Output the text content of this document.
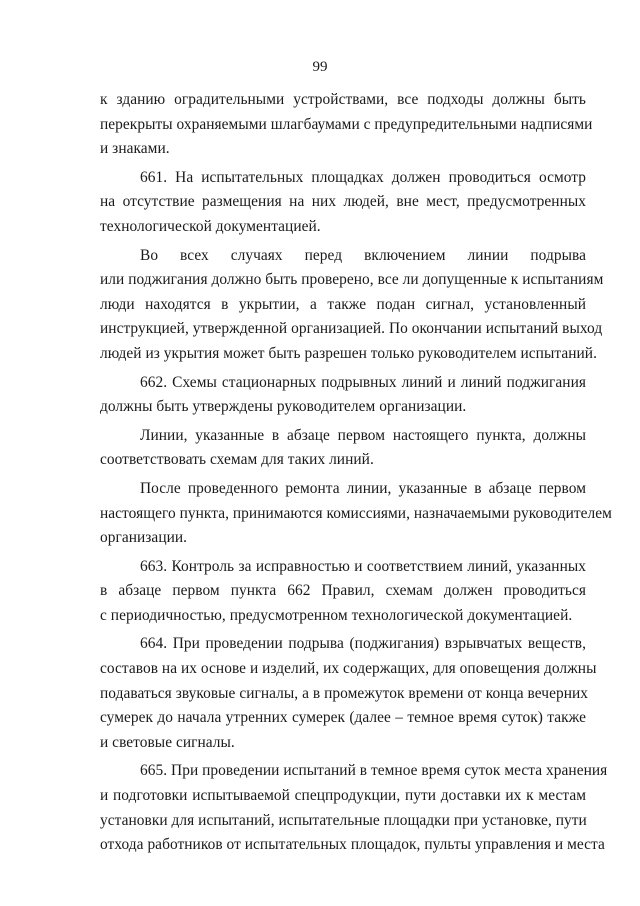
99
к зданию оградительными устройствами, все подходы должны быть
перекрыты охраняемыми шлагбаумами с предупредительными надписями
и знаками.
661. На испытательных площадках должен проводиться осмотр
на отсутствие размещения на них людей, вне мест, предусмотренных
технологической документацией.
Во всех случаях перед включением линии подрыва
или поджигания должно быть проверено, все ли допущенные к испытаниям
люди находятся в укрытии, а также подан сигнал, установленный
инструкцией, утвержденной организацией. По окончании испытаний выход
людей из укрытия может быть разрешен только руководителем испытаний.
662. Схемы стационарных подрывных линий и линий поджигания
должны быть утверждены руководителем организации.
Линии, указанные в абзаце первом настоящего пункта, должны
соответствовать схемам для таких линий.
После проведенного ремонта линии, указанные в абзаце первом
настоящего пункта, принимаются комиссиями, назначаемыми руководителем
организации.
663. Контроль за исправностью и соответствием линий, указанных
в абзаце первом пункта 662 Правил, схемам должен проводиться
с периодичностью, предусмотренном технологической документацией.
664. При проведении подрыва (поджигания) взрывчатых веществ,
составов на их основе и изделий, их содержащих, для оповещения должны
подаваться звуковые сигналы, а в промежуток времени от конца вечерних
сумерек до начала утренних сумерек (далее – темное время суток) также
и световые сигналы.
665. При проведении испытаний в темное время суток места хранения
и подготовки испытываемой спецпродукции, пути доставки их к местам
установки для испытаний, испытательные площадки при установке, пути
отхода работников от испытательных площадок, пульты управления и места
